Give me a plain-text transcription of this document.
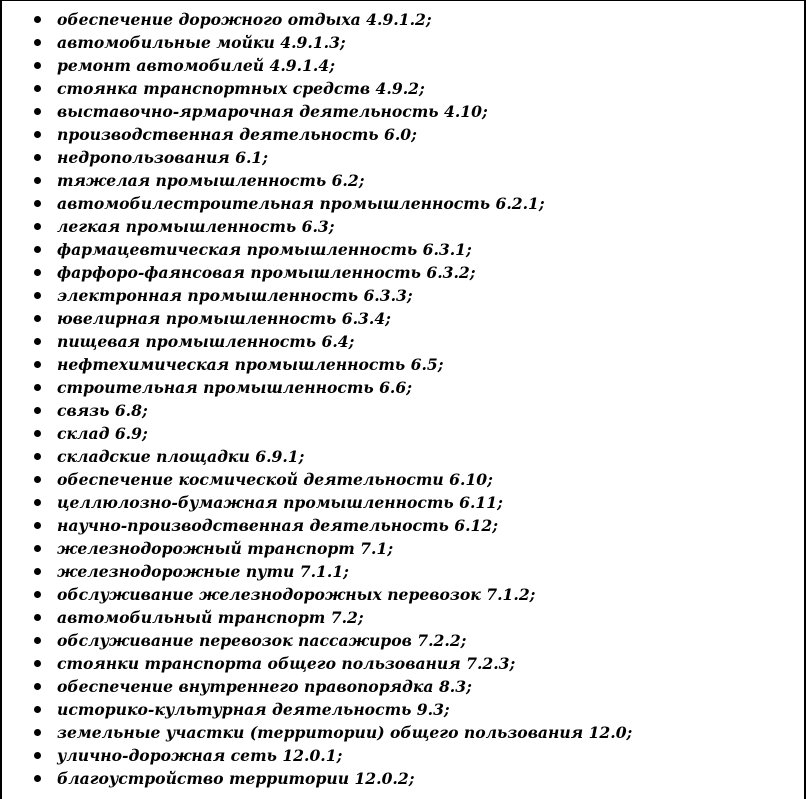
обеспечение дорожного отдыха 4.9.1.2;
автомобильные мойки 4.9.1.3;
ремонт автомобилей 4.9.1.4;
стоянка транспортных средств 4.9.2;
выставочно-ярмарочная деятельность 4.10;
производственная деятельность 6.0;
недропользования 6.1;
тяжелая промышленность 6.2;
автомобилестроительная промышленность 6.2.1;
легкая промышленность 6.3;
фармацевтическая промышленность 6.3.1;
фарфоро-фаянсовая промышленность 6.3.2;
электронная промышленность 6.3.3;
ювелирная промышленность 6.3.4;
пищевая промышленность 6.4;
нефтехимическая промышленность 6.5;
строительная промышленность 6.6;
связь 6.8;
склад 6.9;
складские площадки 6.9.1;
обеспечение космической деятельности 6.10;
целлюлозно-бумажная промышленность 6.11;
научно-производственная деятельность 6.12;
железнодорожный транспорт 7.1;
железнодорожные пути 7.1.1;
обслуживание железнодорожных перевозок 7.1.2;
автомобильный транспорт 7.2;
обслуживание перевозок пассажиров 7.2.2;
стоянки транспорта общего пользования 7.2.3;
обеспечение внутреннего правопорядка 8.3;
историко-культурная деятельность 9.3;
земельные участки (территории) общего пользования 12.0;
улично-дорожная сеть 12.0.1;
благоустройство территории 12.0.2;
